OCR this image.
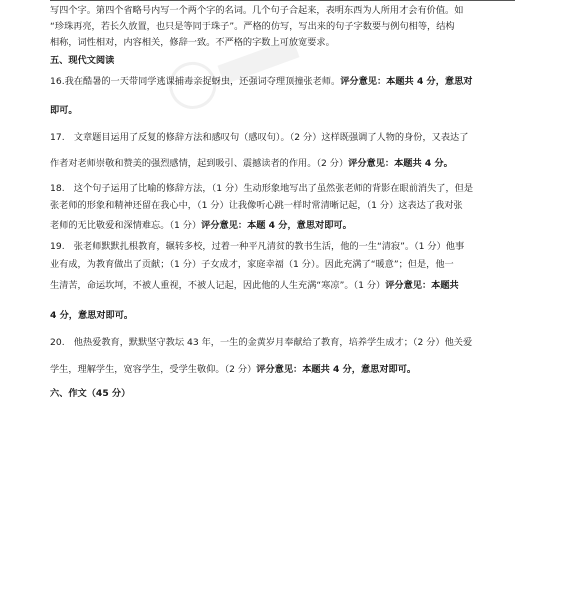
写四个字。第四个省略号内写一个两个字的名词。几个句子合起来，表明东西为人所用才会有价值。如
“珍珠再亮，若长久放置，也只是等同于珠子”。严格的仿写，写出来的句子字数要与例句相等，结构
相称，词性相对，内容相关，修辞一致。不严格的字数上可放宽要求。
五、现代文阅读
16.我在酷暑的一天带同学逃课捕毒亲捉蚜虫，还强词夺理顶撞张老师。评分意见：本题共 4 分，意思对
即可。
17.　文章题目运用了反复的修辞方法和感叹句（感叹句）。（2 分）这样既强调了人物的身份，又表达了
作者对老师崇敬和赞美的强烈感情，起到吸引、震撼读者的作用。（2 分）评分意见：本题共 4 分。
18.　这个句子运用了比喻的修辞方法，（1 分）生动形象地写出了虽然张老师的背影在眼前消失了，但是
张老师的形象和精神还留在我心中，（1 分）让我像听心跳一样时常清晰记起，（1 分）这表达了我对张
老师的无比敬爱和深情难忘。（1 分）评分意见：本题 4 分，意思对即可。
19.　张老师默默扎根教育，辗转多校，过着一种平凡清贫的教书生活，他的一生“清寂”。（1 分）他事
业有成，为教育做出了贡献；（1 分）子女成才，家庭幸福（1 分）。因此充满了“暖意”；但是，他一
生清苦，命运坎坷，不被人重视，不被人记起，因此他的人生充满“寒凉”。（1 分）评分意见：本题共
4 分，意思对即可。
20.　他热爱教育，默默坚守教坛 43 年，一生的金黄岁月奉献给了教育，培养学生成才；（2 分）他关爱
学生，理解学生，宽容学生，受学生敬仰。（2 分）评分意见：本题共 4 分，意思对即可。
六、作文（45 分）
